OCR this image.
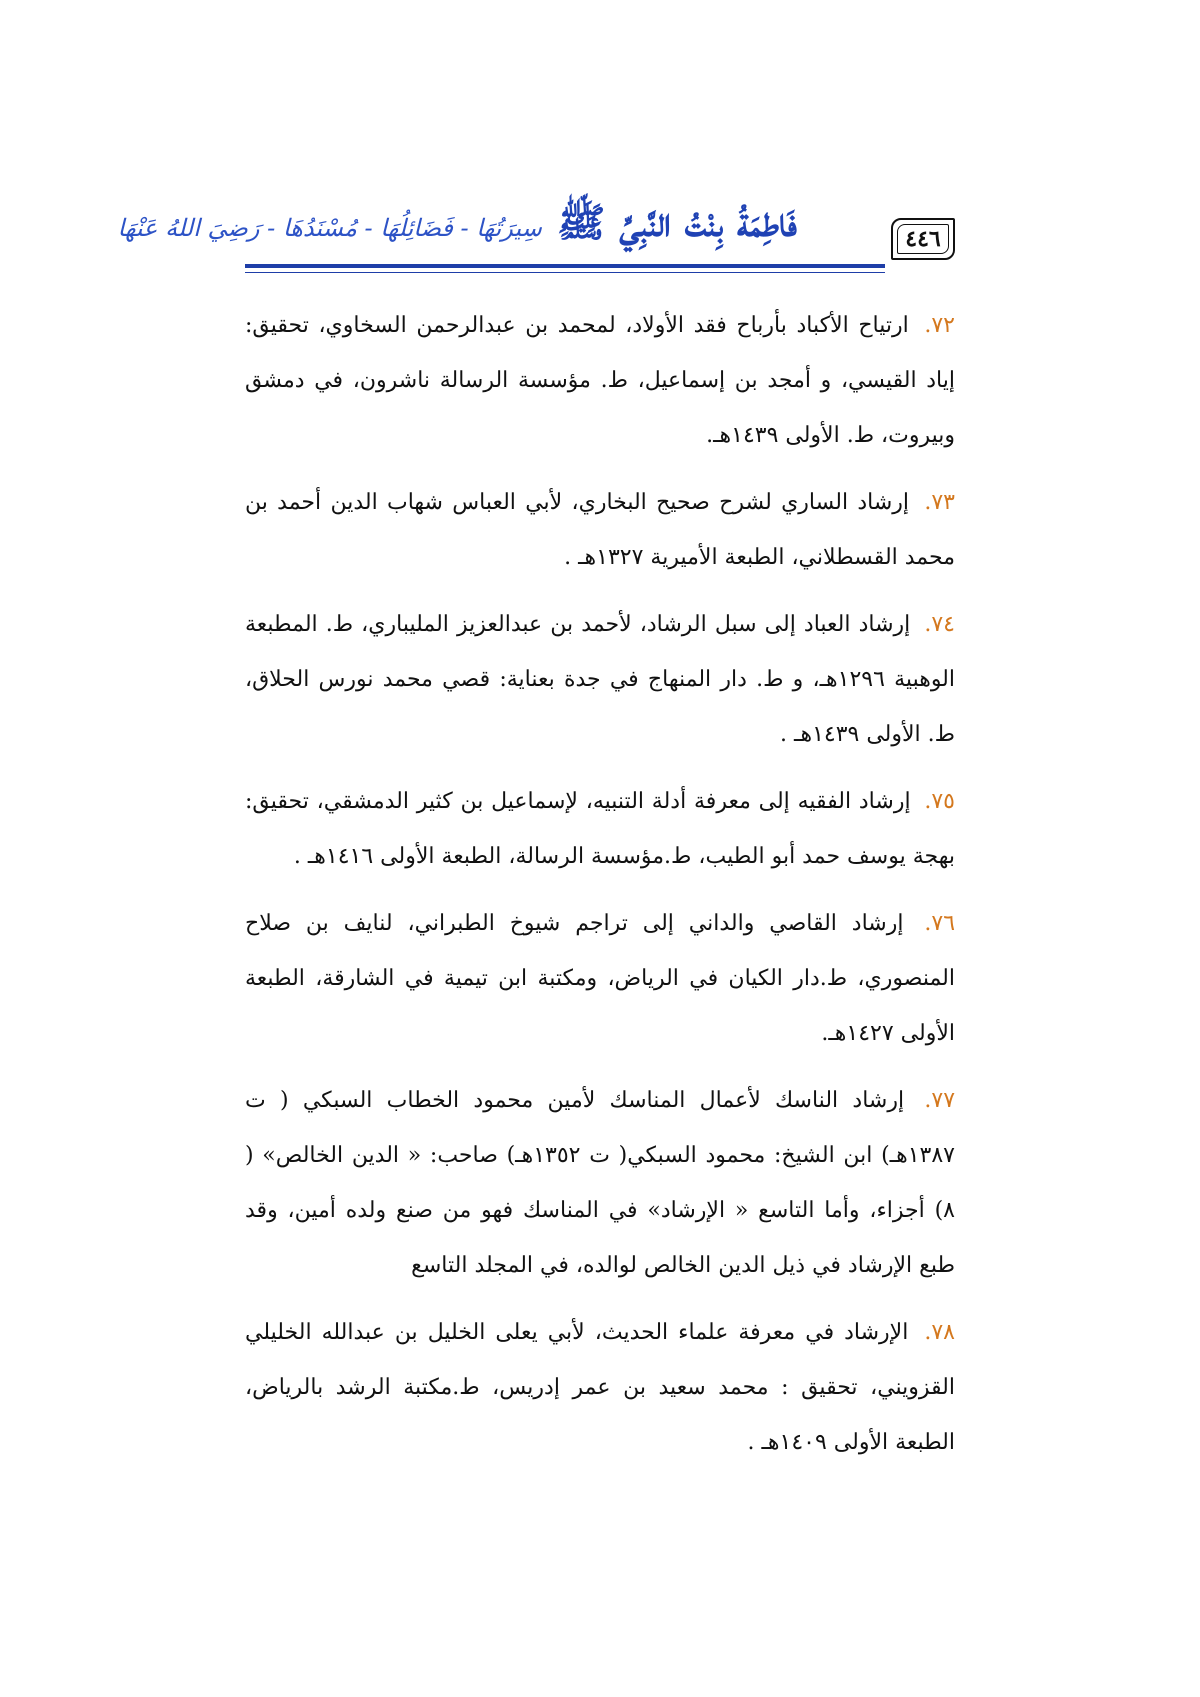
فَاطِمَةُ بِنْتُ النَّبِيِّ ﷺ سِيرَتُهَا - فَضَائِلُهَا - مُسْنَدُهَا - رَضِيَ اللهُ عَنْهَا	٤٤٦

٧٢. ارتياح الأكباد بأرباح فقد الأولاد، لمحمد بن عبدالرحمن السخاوي، تحقيق: إياد القيسي، و أمجد بن إسماعيل، ط. مؤسسة الرسالة ناشرون، في دمشق وبيروت، ط. الأولى ١٤٣٩هـ.

٧٣. إرشاد الساري لشرح صحيح البخاري، لأبي العباس شهاب الدين أحمد بن محمد القسطلاني، الطبعة الأميرية ١٣٢٧هـ .

٧٤. إرشاد العباد إلى سبل الرشاد، لأحمد بن عبدالعزيز المليباري، ط. المطبعة الوهبية ١٢٩٦هـ، و ط. دار المنهاج في جدة بعناية: قصي محمد نورس الحلاق، ط. الأولى ١٤٣٩هـ .

٧٥. إرشاد الفقيه إلى معرفة أدلة التنبيه، لإسماعيل بن كثير الدمشقي، تحقيق: بهجة يوسف حمد أبو الطيب، ط.مؤسسة الرسالة، الطبعة الأولى ١٤١٦هـ .

٧٦. إرشاد القاصي والداني إلى تراجم شيوخ الطبراني، لنايف بن صلاح المنصوري، ط.دار الكيان في الرياض، ومكتبة ابن تيمية في الشارقة، الطبعة الأولى ١٤٢٧هـ.

٧٧. إرشاد الناسك لأعمال المناسك لأمين محمود الخطاب السبكي ( ت ١٣٨٧هـ) ابن الشيخ: محمود السبكي( ت ١٣٥٢هـ) صاحب: « الدين الخالص» ( ٨) أجزاء، وأما التاسع « الإرشاد» في المناسك فهو من صنع ولده أمين، وقد طبع الإرشاد في ذيل الدين الخالص لوالده، في المجلد التاسع

٧٨. الإرشاد في معرفة علماء الحديث، لأبي يعلى الخليل بن عبدالله الخليلي القزويني، تحقيق : محمد سعيد بن عمر إدريس، ط.مكتبة الرشد بالرياض، الطبعة الأولى ١٤٠٩هـ .
